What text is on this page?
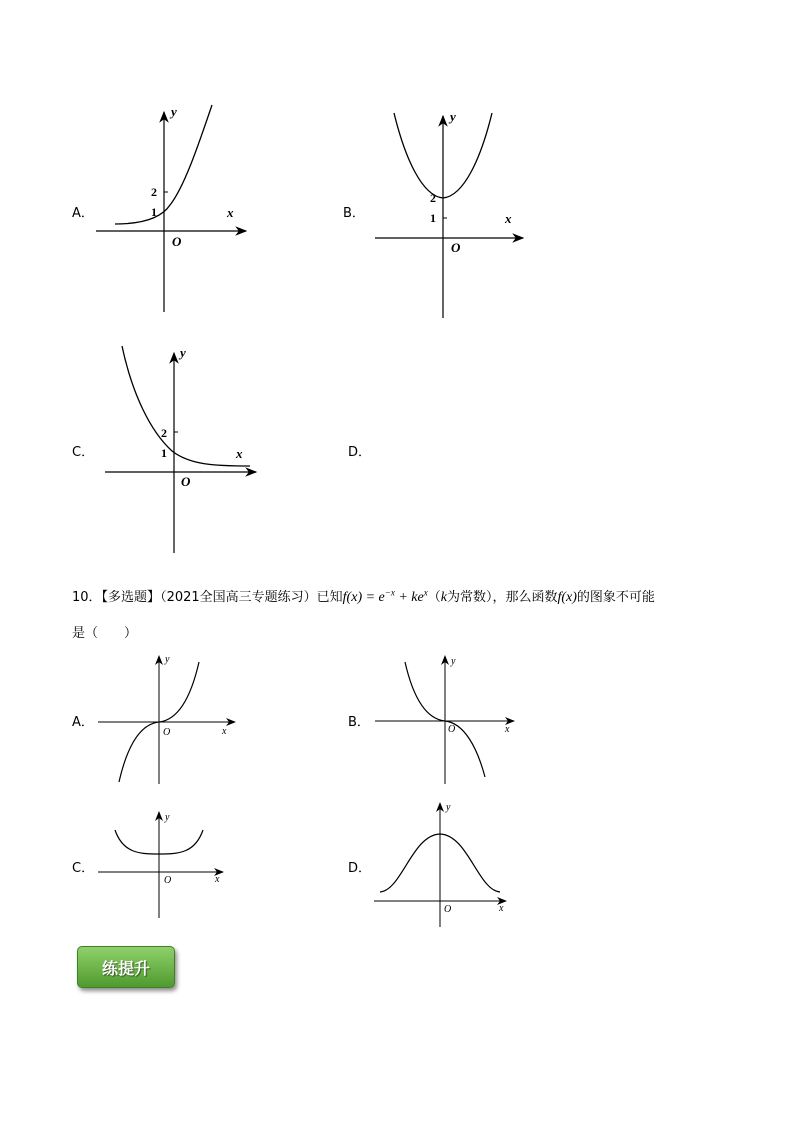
A．
y
x
O
2
1	B．
y
x
O
2
1
C．
y
x
O
2
1	D．
10．【多选题】（2021全国高三专题练习）已知$f(x) = e^{-x} + ke^x(k$为常数），那么函数f(x)的图象不可能
是（　　）
A．
y
x
O
B．
y
x
O
C．
y
x
O
D．
y
x
O
练提升
